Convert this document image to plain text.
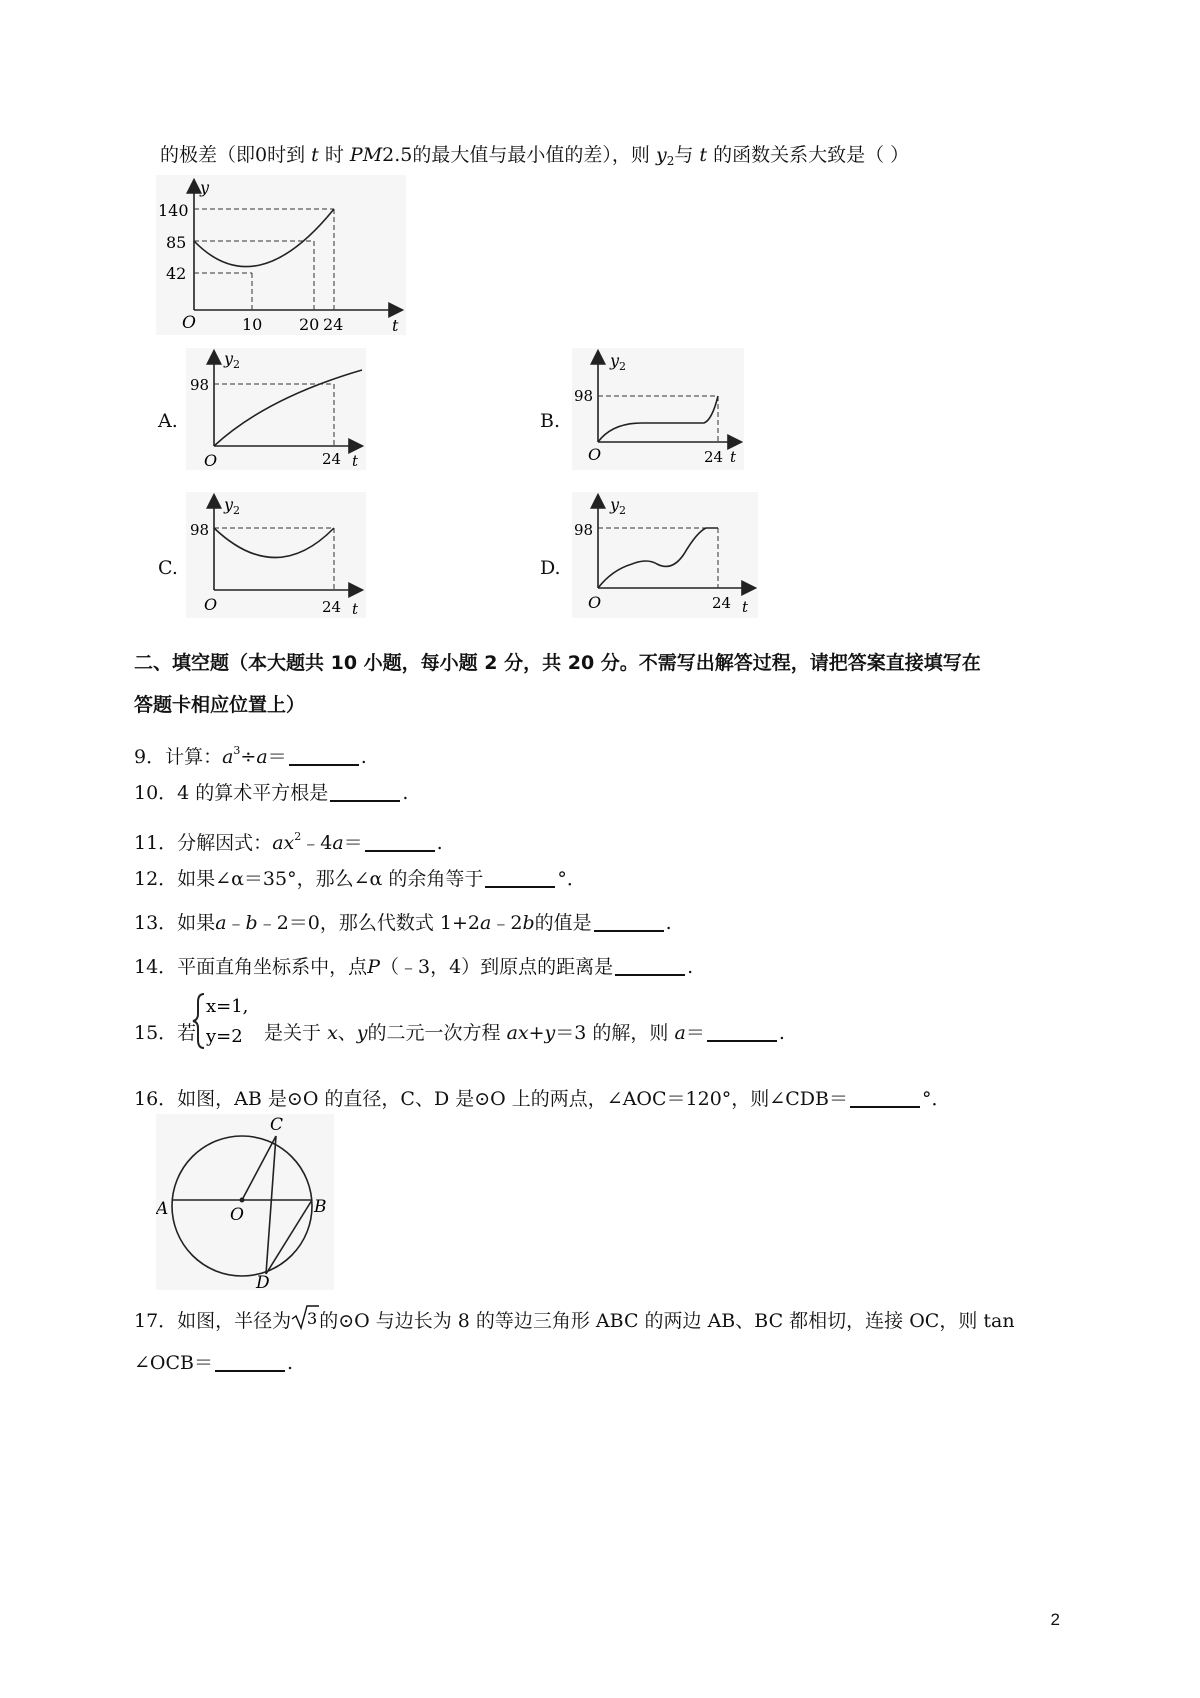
的极差（即0时到 t 时 PM2.5的最大值与最小值的差），则 $y_2$与 t 的函数关系大致是（ ）
y
t
O
140
85
42
10 20 24
A.
y 2
98
24 t
O
B.
y 2
98
24 t
O
C.
y 2
98
24 t
O
D.
y 2
98
24 t
O
二、填空题（本大题共 10 小题，每小题 2 分，共 20 分。不需写出解答过程，请把答案直接填写在
答题卡相应位置上）
9．计算：$a^3\div a=$	.
10．4 的算术平方根是	.
11．分解因式：$ax^2﹣4a=$	.
12．如果∠α＝35°，那么∠α 的余角等于	°．
13．如果a﹣b﹣2＝0，那么代数式 1+2a﹣2b的值是	.
14．平面直角坐标系中，点P（﹣3，4）到原点的距离是	.
15．若
x=1,
y=2 是关于 x、y的二元一次方程 ax+y＝3 的解，则 a＝	.
16．如图，AB 是⊙O 的直径，C、D 是⊙O 上的两点，∠AOC＝120°，则∠CDB＝	°．
A	B
C
D
O
17．如图，半径为 3 的⊙O 与边长为 8 的等边三角形 ABC 的两边 AB、BC 都相切，连接 OC，则 tan
∠OCB＝	.
2
